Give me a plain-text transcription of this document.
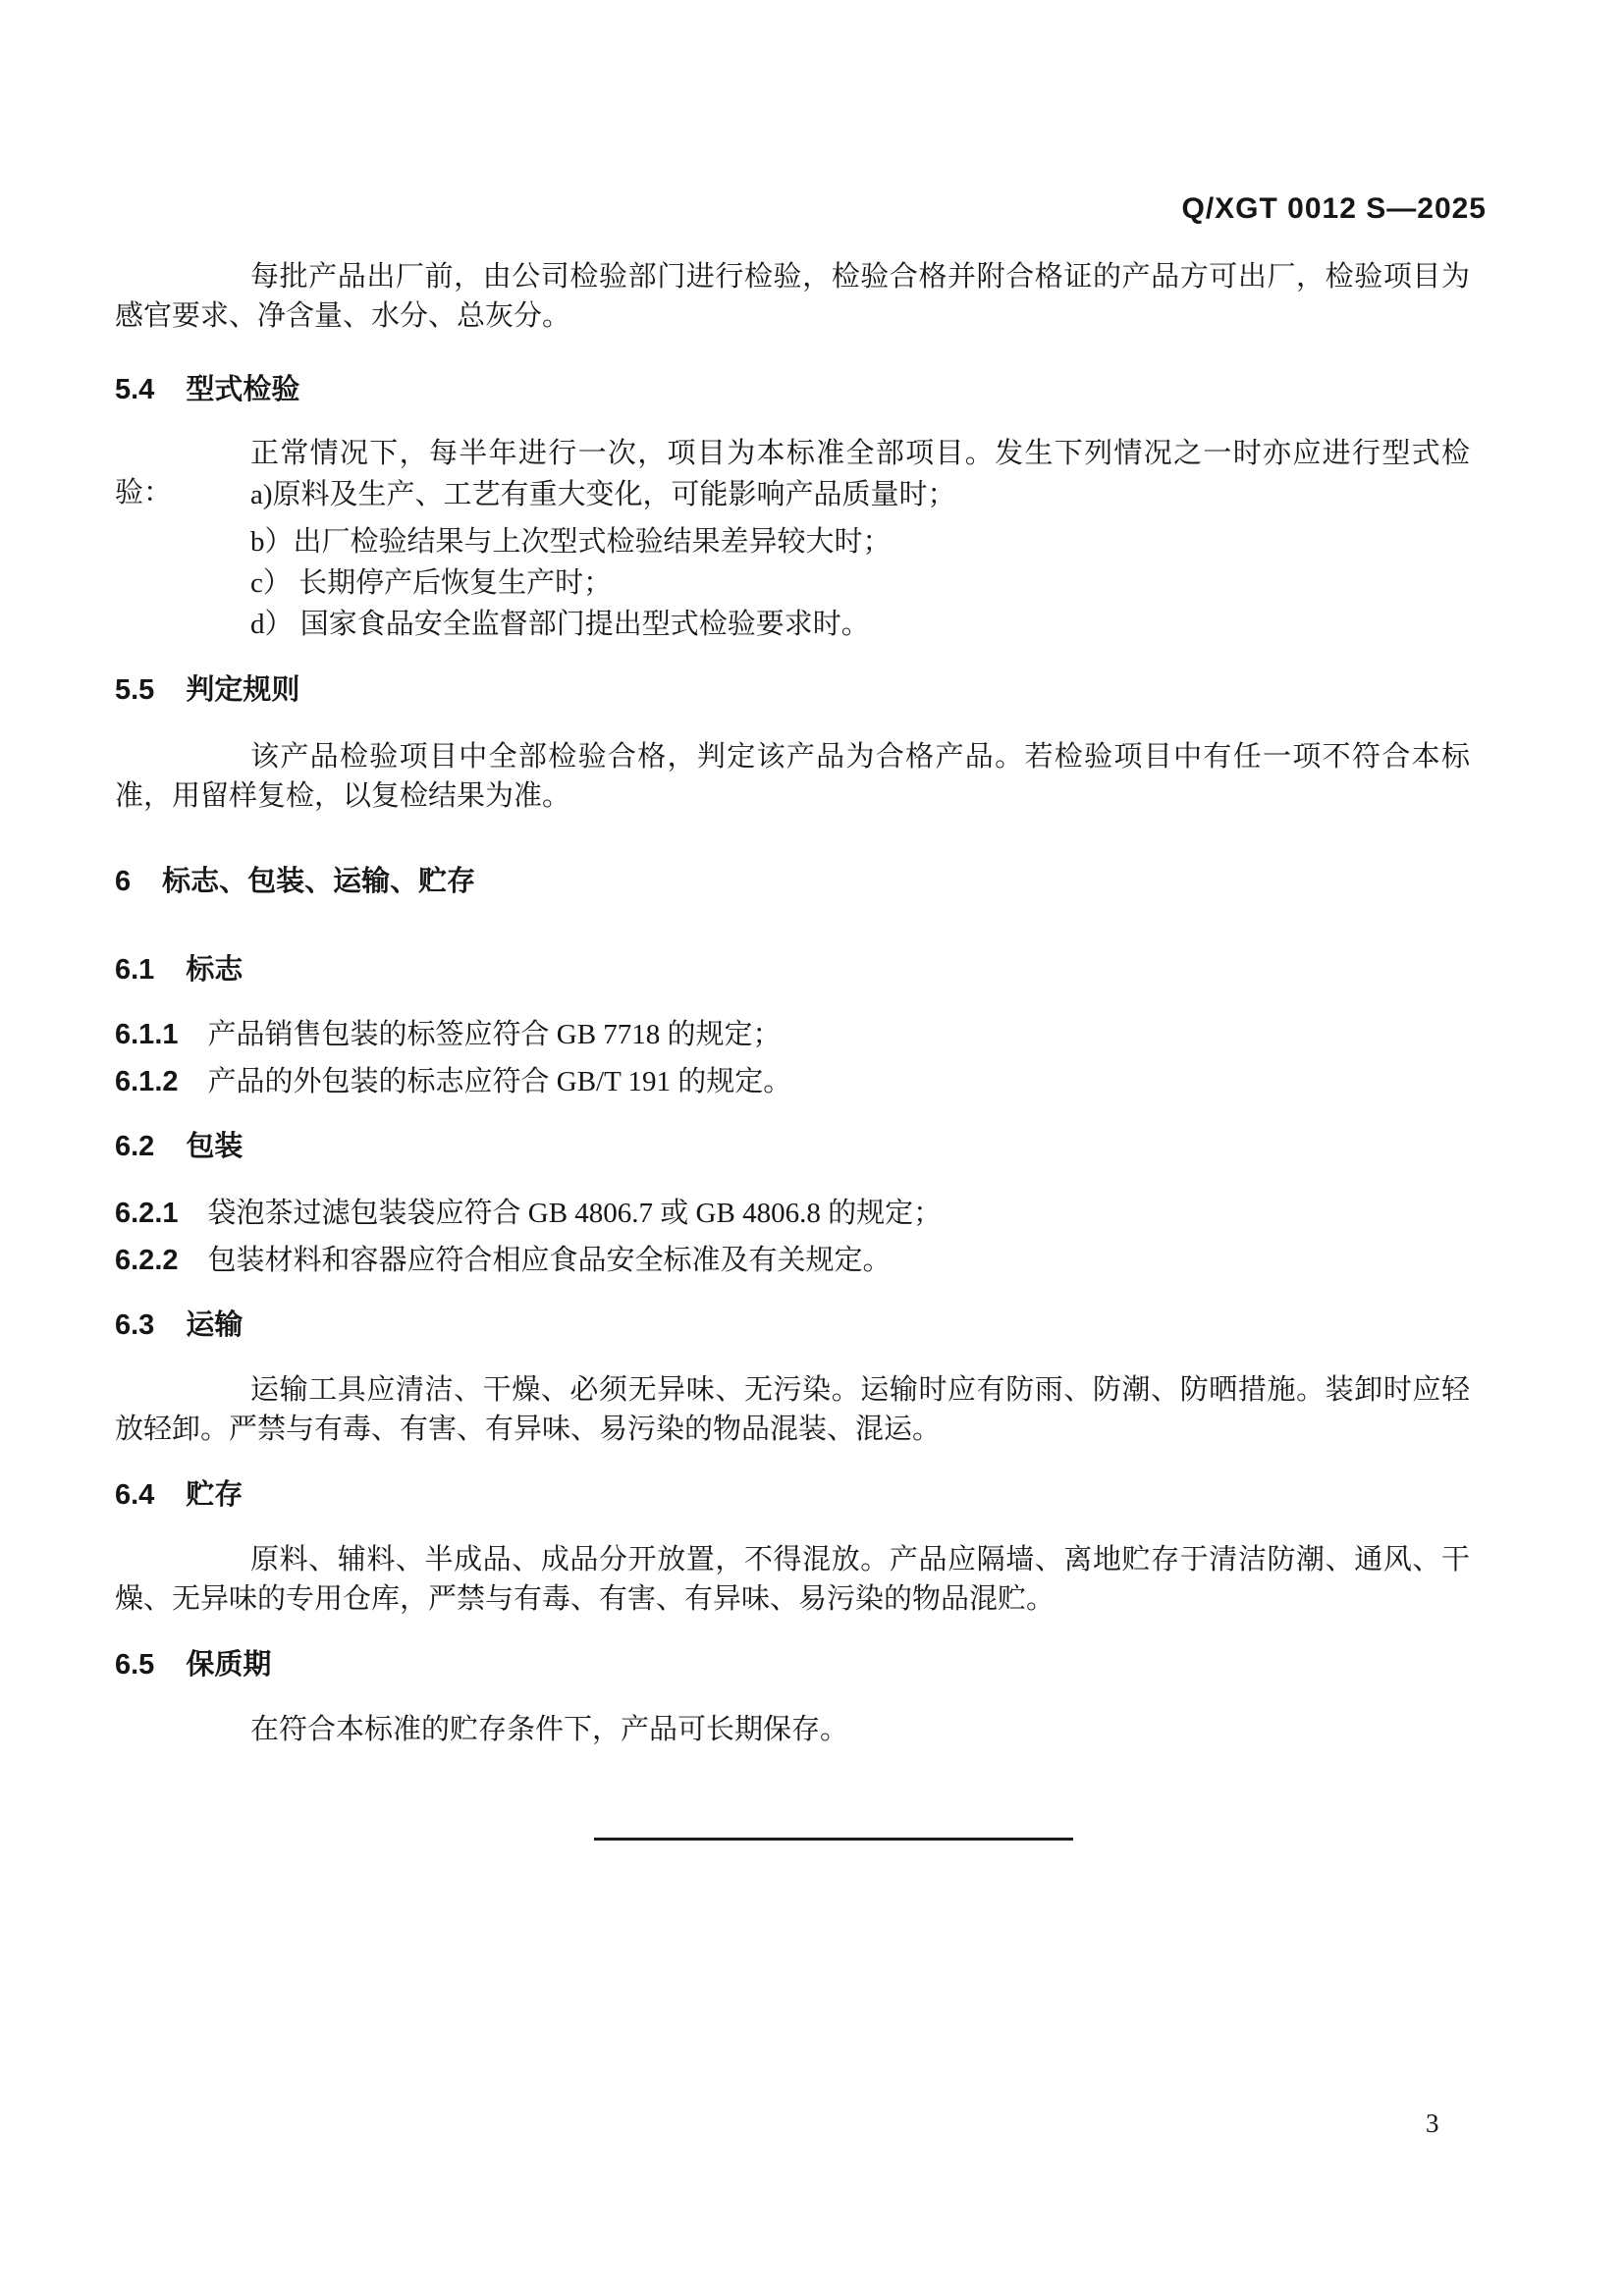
Q/XGT 0012 S—2025
每批产品出厂前，由公司检验部门进行检验，检验合格并附合格证的产品方可出厂，检验项目为感官要求、净含量、水分、总灰分。
5.4 型式检验
正常情况下，每半年进行一次，项目为本标准全部项目。发生下列情况之一时亦应进行型式检验：	a)原料及生产、工艺有重大变化，可能影响产品质量时；
b）出厂检验结果与上次型式检验结果差异较大时；
c） 长期停产后恢复生产时；
d） 国家食品安全监督部门提出型式检验要求时。
5.5 判定规则
该产品检验项目中全部检验合格，判定该产品为合格产品。若检验项目中有任一项不符合本标准，用留样复检，以复检结果为准。
6 标志、包装、运输、贮存
6.1 标志
6.1.1 产品销售包装的标签应符合 GB 7718 的规定；
6.1.2 产品的外包装的标志应符合 GB/T 191 的规定。
6.2 包装
6.2.1 袋泡茶过滤包装袋应符合 GB 4806.7 或 GB 4806.8 的规定；
6.2.2 包装材料和容器应符合相应食品安全标准及有关规定。
6.3 运输
运输工具应清洁、干燥、必须无异味、无污染。运输时应有防雨、防潮、防晒措施。装卸时应轻放轻卸。严禁与有毒、有害、有异味、易污染的物品混装、混运。
6.4 贮存
原料、辅料、半成品、成品分开放置，不得混放。产品应隔墙、离地贮存于清洁防潮、通风、干燥、无异味的专用仓库，严禁与有毒、有害、有异味、易污染的物品混贮。
6.5 保质期
在符合本标准的贮存条件下，产品可长期保存。
3
